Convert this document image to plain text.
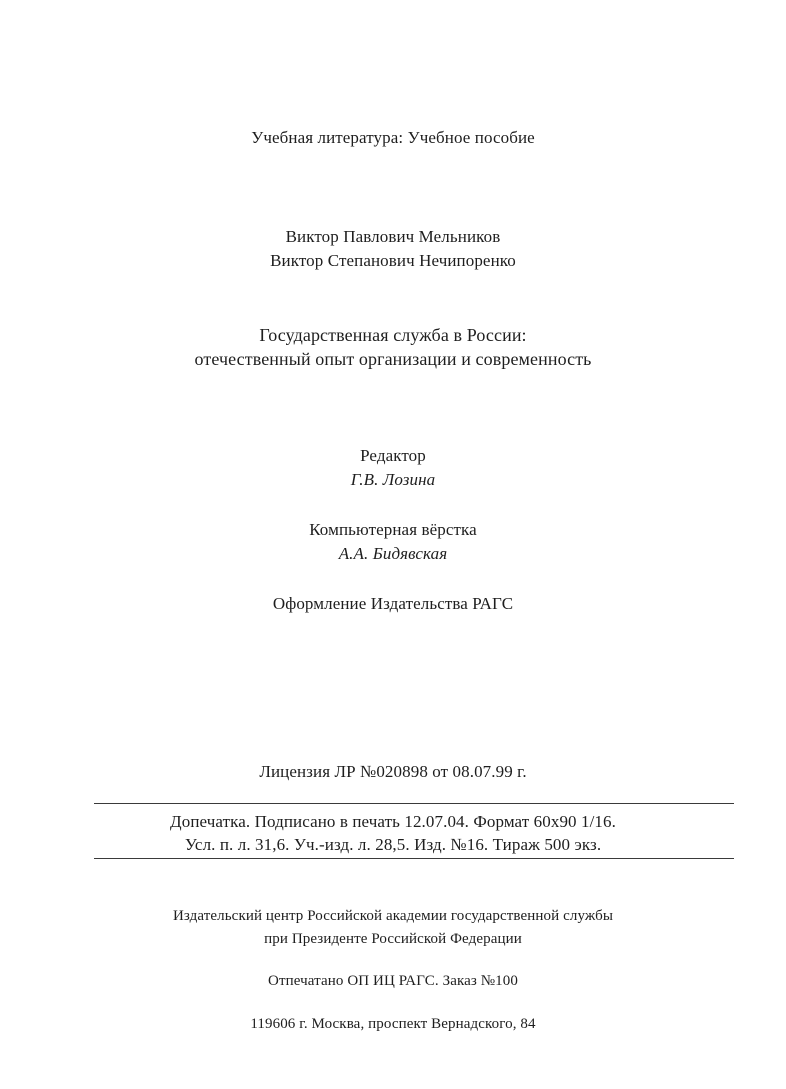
Учебная литература: Учебное пособие
Виктор Павлович Мельников
Виктор Степанович Нечипоренко
Государственная служба в России:
отечественный опыт организации и современность
Редактор
Г.В. Лозина
Компьютерная вёрстка
А.А. Бидявская
Оформление Издательства РАГС
Лицензия ЛР №020898 от 08.07.99 г.
Допечатка. Подписано в печать 12.07.04. Формат 60x90 1/16.
Усл. п. л. 31,6. Уч.-изд. л. 28,5. Изд. №16. Тираж 500 экз.
Издательский центр Российской академии государственной службы
при Президенте Российской Федерации
Отпечатано ОП ИЦ РАГС. Заказ №100
119606 г. Москва, проспект Вернадского, 84
